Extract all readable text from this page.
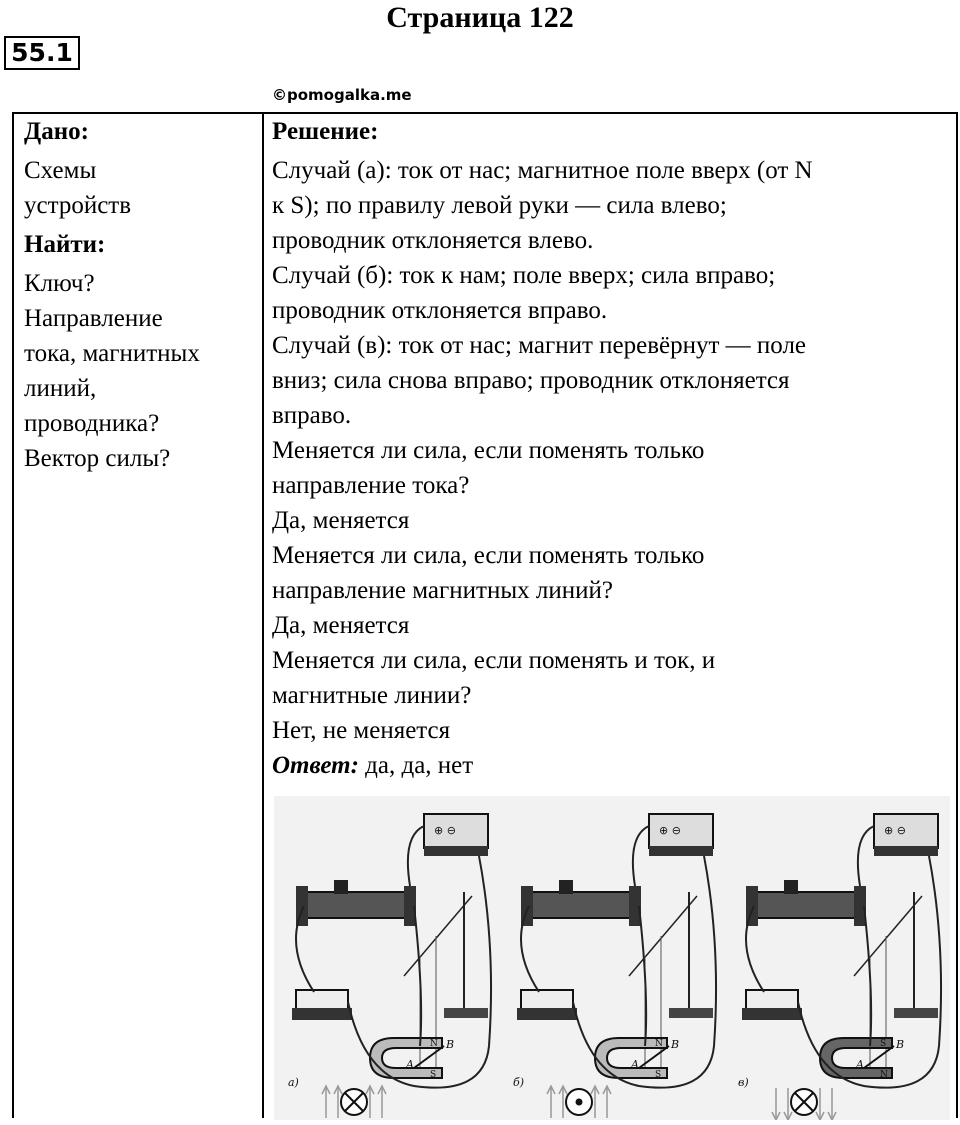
Страница 122
55.1
©pomogalka.me
Дано:
Схемы
устройств
Найти:
Ключ?
Направление
тока, магнитных
линий,
проводника?
Вектор силы?
Решение:
Случай (а): ток от нас; магнитное поле вверх (от N
к S); по правилу левой руки — сила влево;
проводник отклоняется влево.
Случай (б): ток к нам; поле вверх; сила вправо;
проводник отклоняется вправо.
Случай (в): ток от нас; магнит перевёрнут — поле
вниз; сила снова вправо; проводник отклоняется
вправо.
Меняется ли сила, если поменять только
направление тока?
Да, меняется
Меняется ли сила, если поменять только
направление магнитных линий?
Да, меняется
Меняется ли сила, если поменять и ток, и
магнитные линии?
Нет, не меняется
Ответ: да, да, нет
⊕ ⊖
N
S
A
B
а)
⊕ ⊖
N
S
A
B
б)
⊕ ⊖
S
N
A
B
в)
